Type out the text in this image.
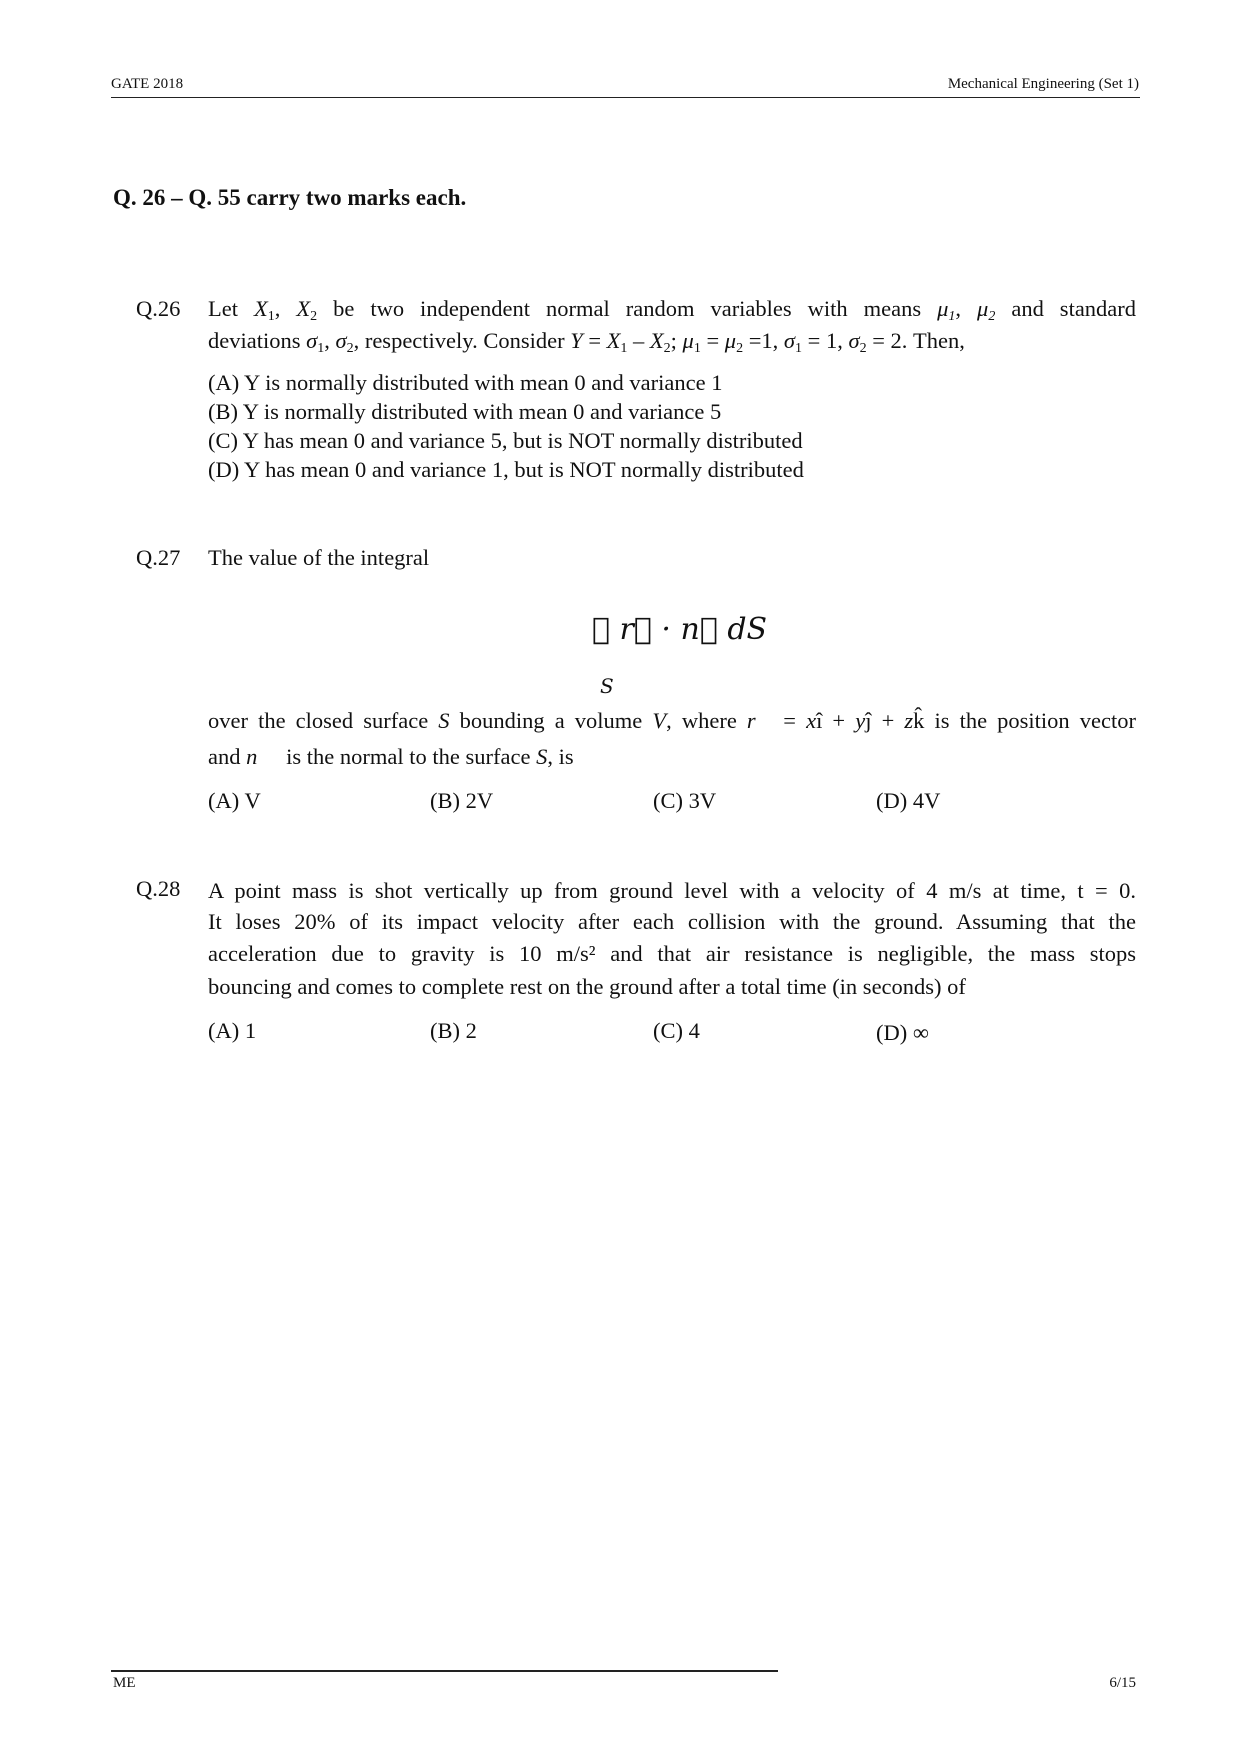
GATE 2018	Mechanical Engineering (Set 1)
Q. 26 – Q. 55 carry two marks each.
Q.26 Let $X_1$, $X_2$ be two independent normal random variables with means $\mu_1$, $\mu_2$ and standard
deviations $\sigma_1$, $\sigma_2$, respectively. Consider $Y = X_1 - X_2$; $\mu_1 = \mu_2 =1$, $\sigma_1 = 1$, $\sigma_2 = 2$. Then,
(A) Y is normally distributed with mean 0 and variance 1
(B) Y is normally distributed with mean 0 and variance 5
(C) Y has mean 0 and variance 5, but is NOT normally distributed
(D) Y has mean 0 and variance 1, but is NOT normally distributed
Q.27 The value of the integral
∯ r⃗ · n⃗ dS
S
over the closed surface S bounding a volume V, where r⃗ = xî + yĵ + zk̂ is the position vector
and n⃗  is the normal to the surface S, is
(A) V	(B) 2V	(C) 3V	(D) 4V
Q.28 A point mass is shot vertically up from ground level with a velocity of 4 m/s at time, t = 0.
It loses 20% of its impact velocity after each collision with the ground. Assuming that the
acceleration due to gravity is 10 m/s² and that air resistance is negligible, the mass stops
bouncing and comes to complete rest on the ground after a total time (in seconds) of
(A) 1	(B) 2	(C) 4	(D) ∞
ME	6/15
